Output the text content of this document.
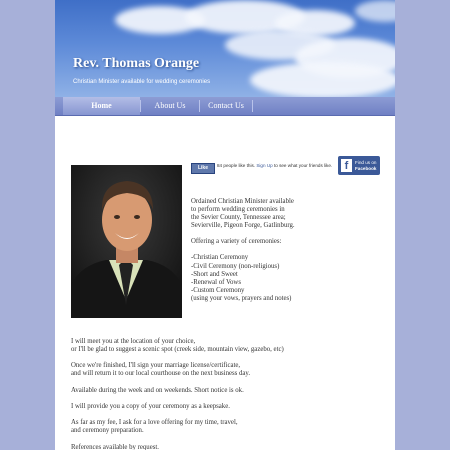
Rev. Thomas Orange

Christian Minister available for wedding ceremonies

Home	About Us	Contact Us
Like	84 people like this. Sign Up to see what your friends like.	f	Find us on
Facebook

Ordained Christian Minister available
to perform wedding ceremonies in
the Sevier County, Tennessee area;
Sevierville, Pigeon Forge, Gatlinburg.

Offering a variety of ceremonies:

-Christian Ceremony
-Civil Ceremony (non-religious)
-Short and Sweet
-Renewal of Vows
-Custom Ceremony
(using your vows, prayers and notes)

I will meet you at the location of your choice,
or I'll be glad to suggest a scenic spot (creek side, mountain view, gazebo, etc)

Once we're finished, I'll sign your marriage license/certificate,
and will return it to our local courthouse on the next business day.

Available during the week and on weekends. Short notice is ok.

I will provide you a copy of your ceremony as a keepsake.

As far as my fee, I ask for a love offering for my time, travel,
and ceremony preparation.

References available by request.
